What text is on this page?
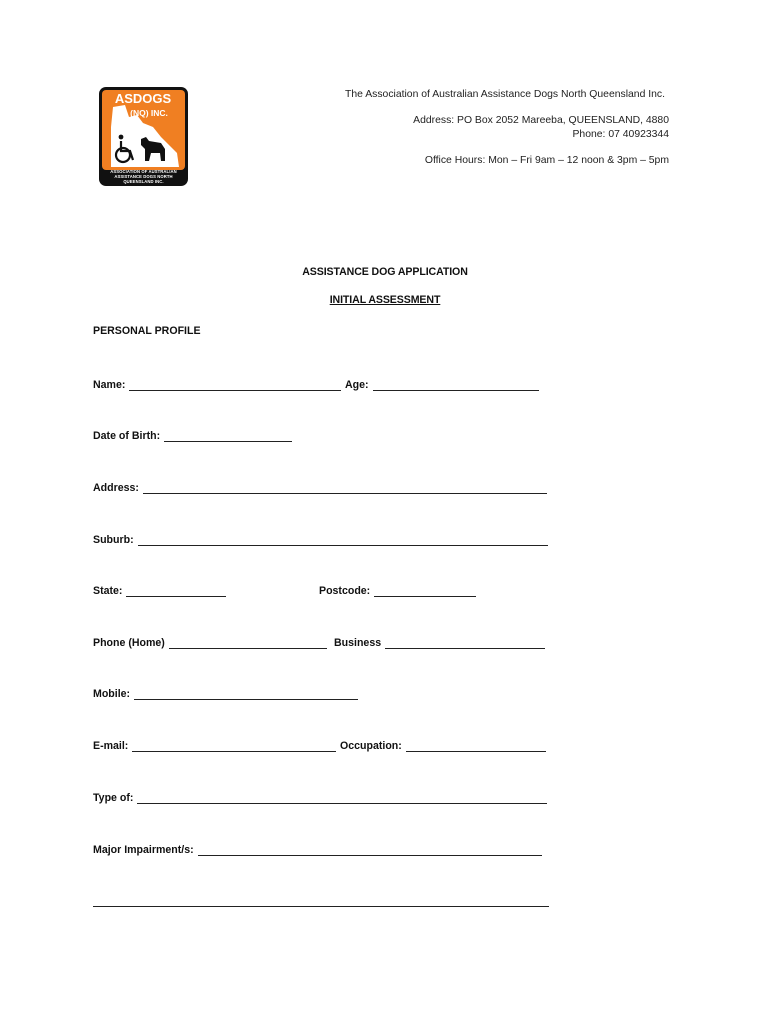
ASDOGS
(NQ) INC.
ASSOCIATION OF AUSTRALIAN
ASSISTANCE DOGS NORTH QUEENSLAND INC.
The Association of Australian Assistance Dogs North Queensland Inc.
Address: PO Box 2052 Mareeba, QUEENSLAND, 4880
Phone: 07 40923344
Office Hours: Mon – Fri 9am – 12 noon & 3pm – 5pm
ASSISTANCE DOG APPLICATION
INITIAL ASSESSMENT
PERSONAL PROFILE
Name:	Age:
Date of Birth:
Address:
Suburb:
State:	Postcode:
Phone (Home)	Business
Mobile:
E-mail:	Occupation:
Type of:
Major Impairment/s:
